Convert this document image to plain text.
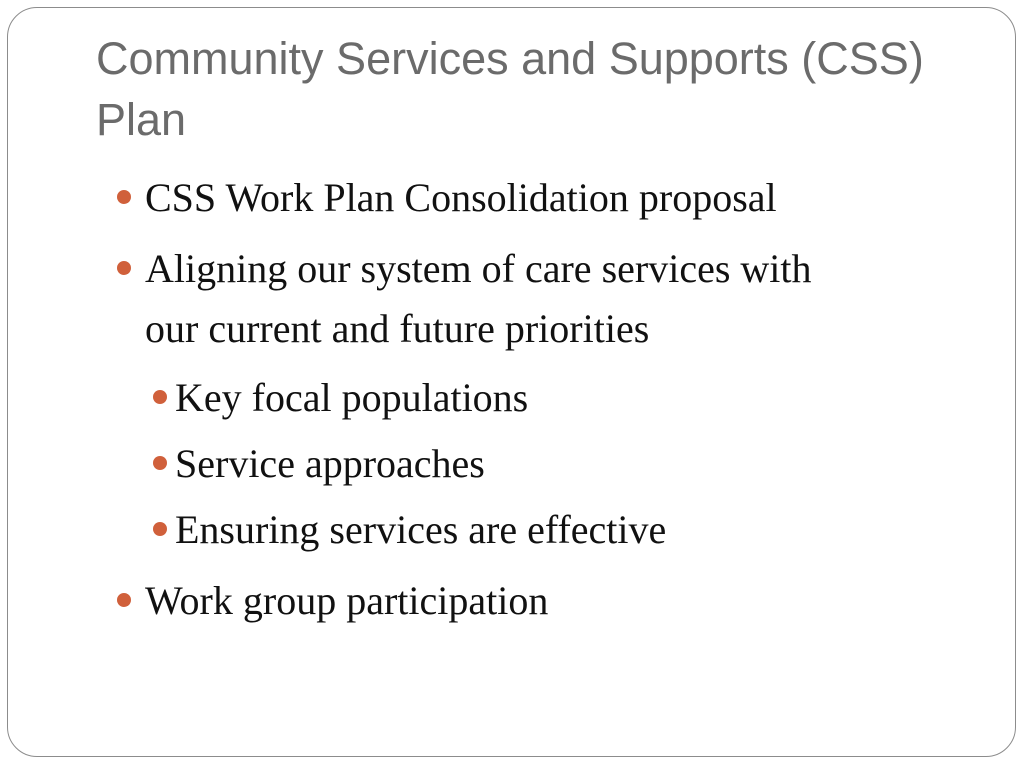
Community Services and Supports (CSS) Plan
CSS Work Plan Consolidation proposal
Aligning our system of care services with
our current and future priorities
Key focal populations
Service approaches
Ensuring services are effective
Work group participation
